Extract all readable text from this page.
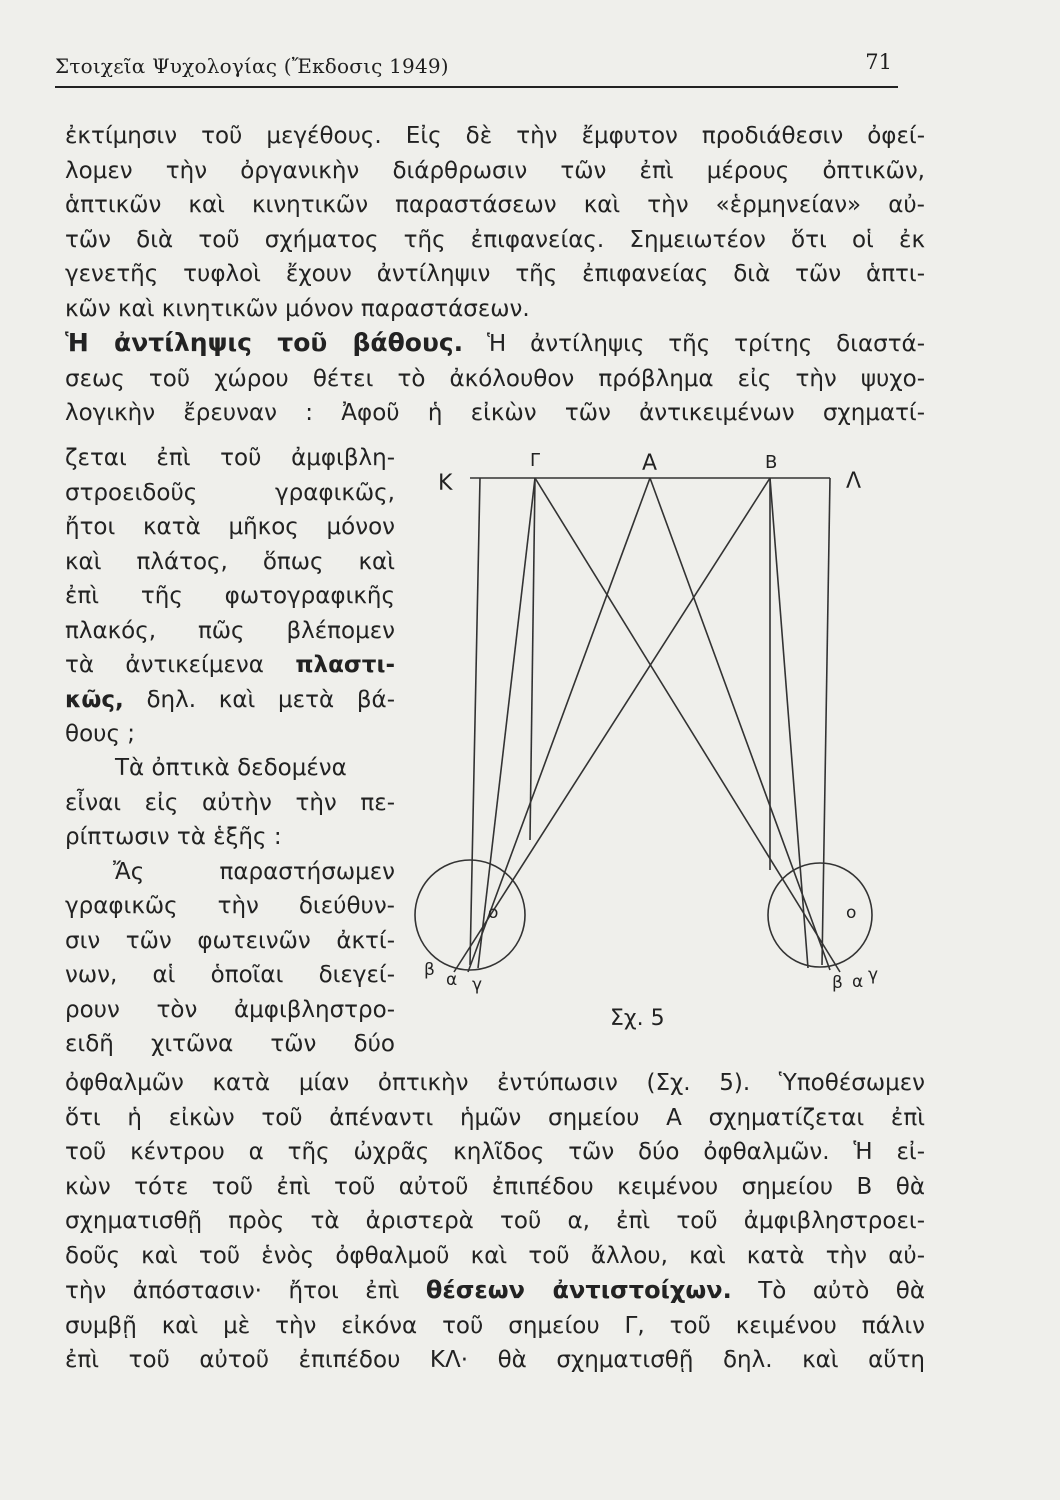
Στοιχεῖα Ψυχολογίας (Ἔκδοσις 1949)	71
ἐκτίμησιν τοῦ μεγέθους. Εἰς δὲ τὴν ἔμφυτον προδιάθεσιν ὀφεί-
λομεν τὴν ὀργανικὴν διάρθρωσιν τῶν ἐπὶ μέρους ὀπτικῶν,
ἁπτικῶν καὶ κινητικῶν παραστάσεων καὶ τὴν «ἑρμηνείαν» αὐ-
τῶν διὰ τοῦ σχήματος τῆς ἐπιφανείας. Σημειωτέον ὅτι οἱ ἐκ
γενετῆς τυφλοὶ ἔχουν ἀντίληψιν τῆς ἐπιφανείας διὰ τῶν ἁπτι-
κῶν καὶ κινητικῶν μόνον παραστάσεων.
Ἡ ἀντίληψις τοῦ βάθους. Ἡ ἀντίληψις τῆς τρίτης διαστά-
σεως τοῦ χώρου θέτει τὸ ἀκόλουθον πρόβλημα εἰς τὴν ψυχο-
λογικὴν ἔρευναν : Ἀφοῦ ἡ εἰκὼν τῶν ἀντικειμένων σχηματί-
ζεται ἐπὶ τοῦ ἀμφιβλη-
στροειδοῦς γραφικῶς,
ἤτοι κατὰ μῆκος μόνον
καὶ πλάτος, ὅπως καὶ
ἐπὶ τῆς φωτογραφικῆς
πλακός, πῶς βλέπομεν
τὰ ἀντικείμενα πλαστι-
κῶς, δηλ. καὶ μετὰ βά-
θους ;
Τὰ ὀπτικὰ δεδομένα
εἶναι εἰς αὐτὴν τὴν πε-
ρίπτωσιν τὰ ἑξῆς :
Ἄς παραστήσωμεν
γραφικῶς τὴν διεύθυν-
σιν τῶν φωτεινῶν ἀκτί-
νων, αἱ ὁποῖαι διεγεί-
ρουν τὸν ἀμφιβληστρο-
ειδῆ χιτῶνα τῶν δύο
Κ
Γ	Α	Β
Λ
ο	ο
β α γ	β α γ
Σχ. 5
ὀφθαλμῶν κατὰ μίαν ὀπτικὴν ἐντύπωσιν (Σχ. 5). Ὑποθέσωμεν
ὅτι ἡ εἰκὼν τοῦ ἀπέναντι ἡμῶν σημείου Α σχηματίζεται ἐπὶ
τοῦ κέντρου α τῆς ὠχρᾶς κηλῖδος τῶν δύο ὀφθαλμῶν. Ἡ εἰ-
κὼν τότε τοῦ ἐπὶ τοῦ αὐτοῦ ἐπιπέδου κειμένου σημείου Β θὰ
σχηματισθῇ πρὸς τὰ ἀριστερὰ τοῦ α, ἐπὶ τοῦ ἀμφιβληστροει-
δοῦς καὶ τοῦ ἑνὸς ὀφθαλμοῦ καὶ τοῦ ἄλλου, καὶ κατὰ τὴν αὐ-
τὴν ἀπόστασιν· ἤτοι ἐπὶ θέσεων ἀντιστοίχων. Τὸ αὐτὸ θὰ
συμβῇ καὶ μὲ τὴν εἰκόνα τοῦ σημείου Γ, τοῦ κειμένου πάλιν
ἐπὶ τοῦ αὐτοῦ ἐπιπέδου ΚΛ· θὰ σχηματισθῇ δηλ. καὶ αὕτη
